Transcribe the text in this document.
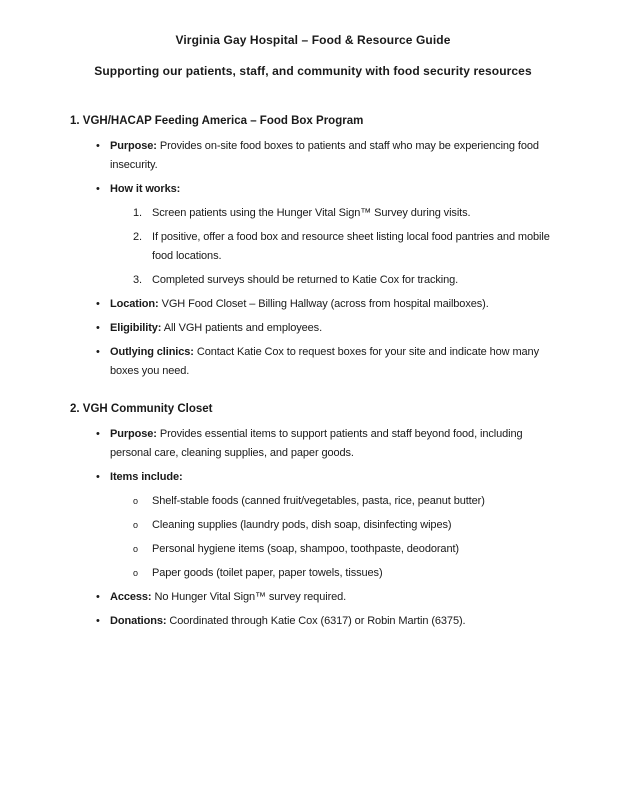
Virginia Gay Hospital – Food & Resource Guide

Supporting our patients, staff, and community with food security resources

1. VGH/HACAP Feeding America – Food Box Program

• Purpose: Provides on-site food boxes to patients and staff who may be experiencing food insecurity.
• How it works:
1. Screen patients using the Hunger Vital Sign™ Survey during visits.
2. If positive, offer a food box and resource sheet listing local food pantries and mobile food locations.
3. Completed surveys should be returned to Katie Cox for tracking.
• Location: VGH Food Closet – Billing Hallway (across from hospital mailboxes).
• Eligibility: All VGH patients and employees.
• Outlying clinics: Contact Katie Cox to request boxes for your site and indicate how many boxes you need.

2. VGH Community Closet

• Purpose: Provides essential items to support patients and staff beyond food, including personal care, cleaning supplies, and paper goods.
• Items include:
o	Shelf-stable foods (canned fruit/vegetables, pasta, rice, peanut butter)
o	Cleaning supplies (laundry pods, dish soap, disinfecting wipes)
o	Personal hygiene items (soap, shampoo, toothpaste, deodorant)
o	Paper goods (toilet paper, paper towels, tissues)
• Access: No Hunger Vital Sign™ survey required.
• Donations: Coordinated through Katie Cox (6317) or Robin Martin (6375).
